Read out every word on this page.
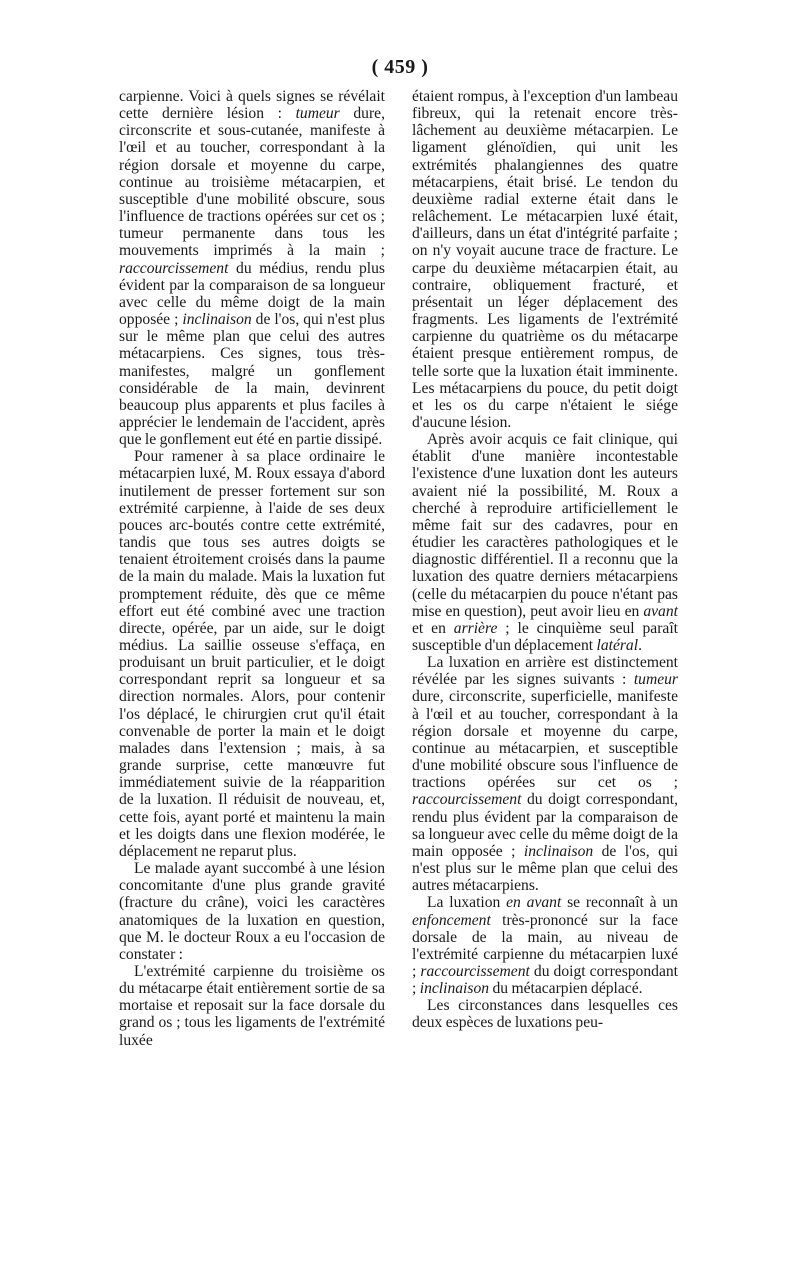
( 459 )

carpienne. Voici à quels signes se révélait cette dernière lésion : tumeur dure, circonscrite et sous-cutanée, manifeste à l'œil et au toucher, correspondant à la région dorsale et moyenne du carpe, continue au troisième métacarpien, et susceptible d'une mobilité obscure, sous l'influence de tractions opérées sur cet os ; tumeur permanente dans tous les mouvements imprimés à la main ; raccourcissement du médius, rendu plus évident par la comparaison de sa longueur avec celle du même doigt de la main opposée ; inclinaison de l'os, qui n'est plus sur le même plan que celui des autres métacarpiens. Ces signes, tous très-manifestes, malgré un gonflement considérable de la main, devinrent beaucoup plus apparents et plus faciles à apprécier le lendemain de l'accident, après que le gonflement eut été en partie dissipé.

Pour ramener à sa place ordinaire le métacarpien luxé, M. Roux essaya d'abord inutilement de presser fortement sur son extrémité carpienne, à l'aide de ses deux pouces arc-boutés contre cette extrémité, tandis que tous ses autres doigts se tenaient étroitement croisés dans la paume de la main du malade. Mais la luxation fut promptement réduite, dès que ce même effort eut été combiné avec une traction directe, opérée, par un aide, sur le doigt médius. La saillie osseuse s'effaça, en produisant un bruit particulier, et le doigt correspondant reprit sa longueur et sa direction normales. Alors, pour contenir l'os déplacé, le chirurgien crut qu'il était convenable de porter la main et le doigt malades dans l'extension ; mais, à sa grande surprise, cette manœuvre fut immédiatement suivie de la réapparition de la luxation. Il réduisit de nouveau, et, cette fois, ayant porté et maintenu la main et les doigts dans une flexion modérée, le déplacement ne reparut plus.

Le malade ayant succombé à une lésion concomitante d'une plus grande gravité (fracture du crâne), voici les caractères anatomiques de la luxation en question, que M. le docteur Roux a eu l'occasion de constater :

L'extrémité carpienne du troisième os du métacarpe était entièrement sortie de sa mortaise et reposait sur la face dorsale du grand os ; tous les ligaments de l'extrémité luxée

étaient rompus, à l'exception d'un lambeau fibreux, qui la retenait encore très-lâchement au deuxième métacarpien. Le ligament glénoïdien, qui unit les extrémités phalangiennes des quatre métacarpiens, était brisé. Le tendon du deuxième radial externe était dans le relâchement. Le métacarpien luxé était, d'ailleurs, dans un état d'intégrité parfaite ; on n'y voyait aucune trace de fracture. Le carpe du deuxième métacarpien était, au contraire, obliquement fracturé, et présentait un léger déplacement des fragments. Les ligaments de l'extrémité carpienne du quatrième os du métacarpe étaient presque entièrement rompus, de telle sorte que la luxation était imminente. Les métacarpiens du pouce, du petit doigt et les os du carpe n'étaient le siége d'aucune lésion.

Après avoir acquis ce fait clinique, qui établit d'une manière incontestable l'existence d'une luxation dont les auteurs avaient nié la possibilité, M. Roux a cherché à reproduire artificiellement le même fait sur des cadavres, pour en étudier les caractères pathologiques et le diagnostic différentiel. Il a reconnu que la luxation des quatre derniers métacarpiens (celle du métacarpien du pouce n'étant pas mise en question), peut avoir lieu en avant et en arrière ; le cinquième seul paraît susceptible d'un déplacement latéral.

La luxation en arrière est distinctement révélée par les signes suivants : tumeur dure, circonscrite, superficielle, manifeste à l'œil et au toucher, correspondant à la région dorsale et moyenne du carpe, continue au métacarpien, et susceptible d'une mobilité obscure sous l'influence de tractions opérées sur cet os ; raccourcissement du doigt correspondant, rendu plus évident par la comparaison de sa longueur avec celle du même doigt de la main opposée ; inclinaison de l'os, qui n'est plus sur le même plan que celui des autres métacarpiens.

La luxation en avant se reconnaît à un enfoncement très-prononcé sur la face dorsale de la main, au niveau de l'extrémité carpienne du métacarpien luxé ; raccourcissement du doigt correspondant ; inclinaison du métacarpien déplacé.

Les circonstances dans lesquelles ces deux espèces de luxations peu-
